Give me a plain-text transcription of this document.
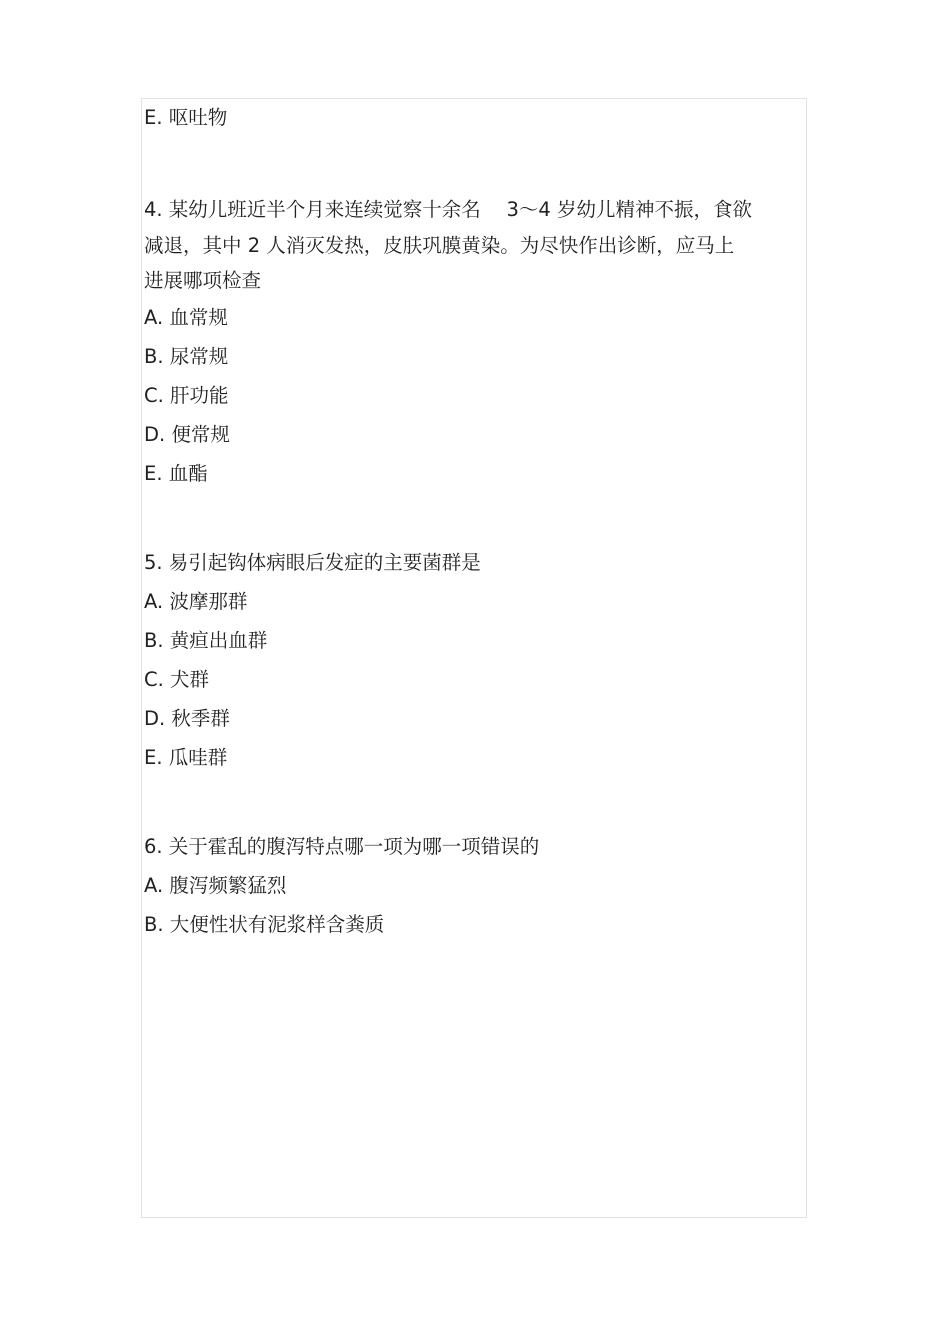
E. 呕吐物

4. 某幼儿班近半个月来连续觉察十余名 　3～4 岁幼儿精神不振，食欲
减退，其中 2 人消灭发热，皮肤巩膜黄染。为尽快作出诊断，应马上
进展哪项检查

A. 血常规

B. 尿常规

C. 肝功能

D. 便常规

E. 血酯

5. 易引起钩体病眼后发症的主要菌群是

A. 波摩那群

B. 黄疸出血群

C. 犬群

D. 秋季群

E. 瓜哇群

6. 关于霍乱的腹泻特点哪一项为哪一项错误的

A. 腹泻频繁猛烈

B. 大便性状有泥浆样含粪质
